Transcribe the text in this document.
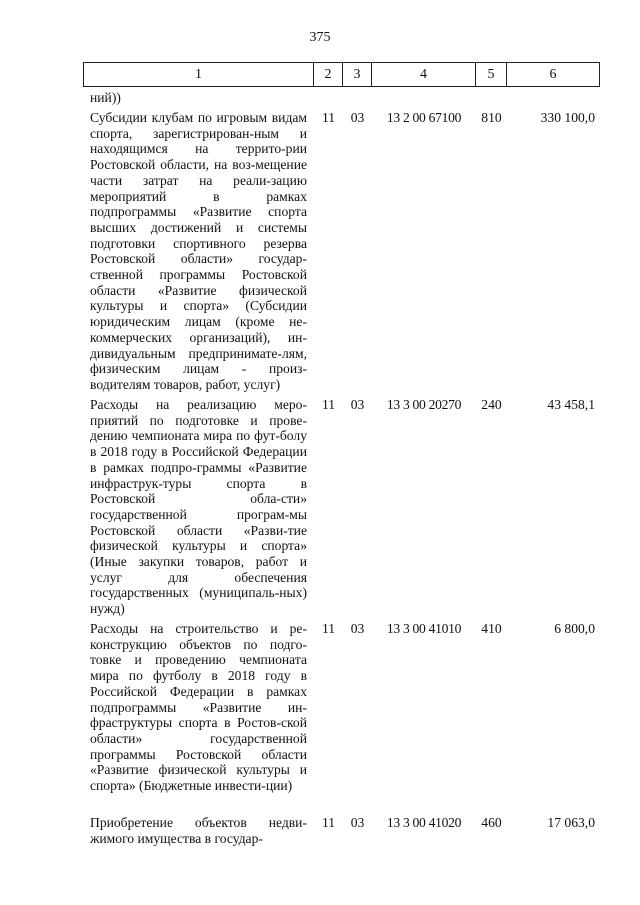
375
1	2	3	4	5	6
ний))
Субсидии клубам по игровым видам спорта, зарегистрирован-ным и находящимся на террито-рии Ростовской области, на воз-мещение части затрат на реали-зацию мероприятий в рамках подпрограммы «Развитие спорта высших достижений и системы подготовки спортивного резерва Ростовской области» государ-ственной программы Ростовской области «Развитие физической культуры и спорта» (Субсидии юридическим лицам (кроме не-коммерческих организаций), ин-дивидуальным предпринимате-лям, физическим лицам - произ-водителям товаров, работ, услуг)
11	03	13 2 00 67100	810	330 100,0
Расходы на реализацию меро-приятий по подготовке и прове-дению чемпионата мира по фут-болу в 2018 году в Российской Федерации в рамках подпро-граммы «Развитие инфраструк-туры спорта в Ростовской обла-сти» государственной програм-мы Ростовской области «Разви-тие физической культуры и спорта» (Иные закупки товаров, работ и услуг для обеспечения государственных (муниципаль-ных) нужд)
11	03	13 3 00 20270	240	43 458,1
Расходы на строительство и ре-конструкцию объектов по подго-товке и проведению чемпионата мира по футболу в 2018 году в Российской Федерации в рамках подпрограммы «Развитие ин-фраструктуры спорта в Ростов-ской области» государственной программы Ростовской области «Развитие физической культуры и спорта» (Бюджетные инвести-ции)
11	03	13 3 00 41010	410	6 800,0
Приобретение объектов недви-жимого имущества в государ-
11	03	13 3 00 41020	460	17 063,0
